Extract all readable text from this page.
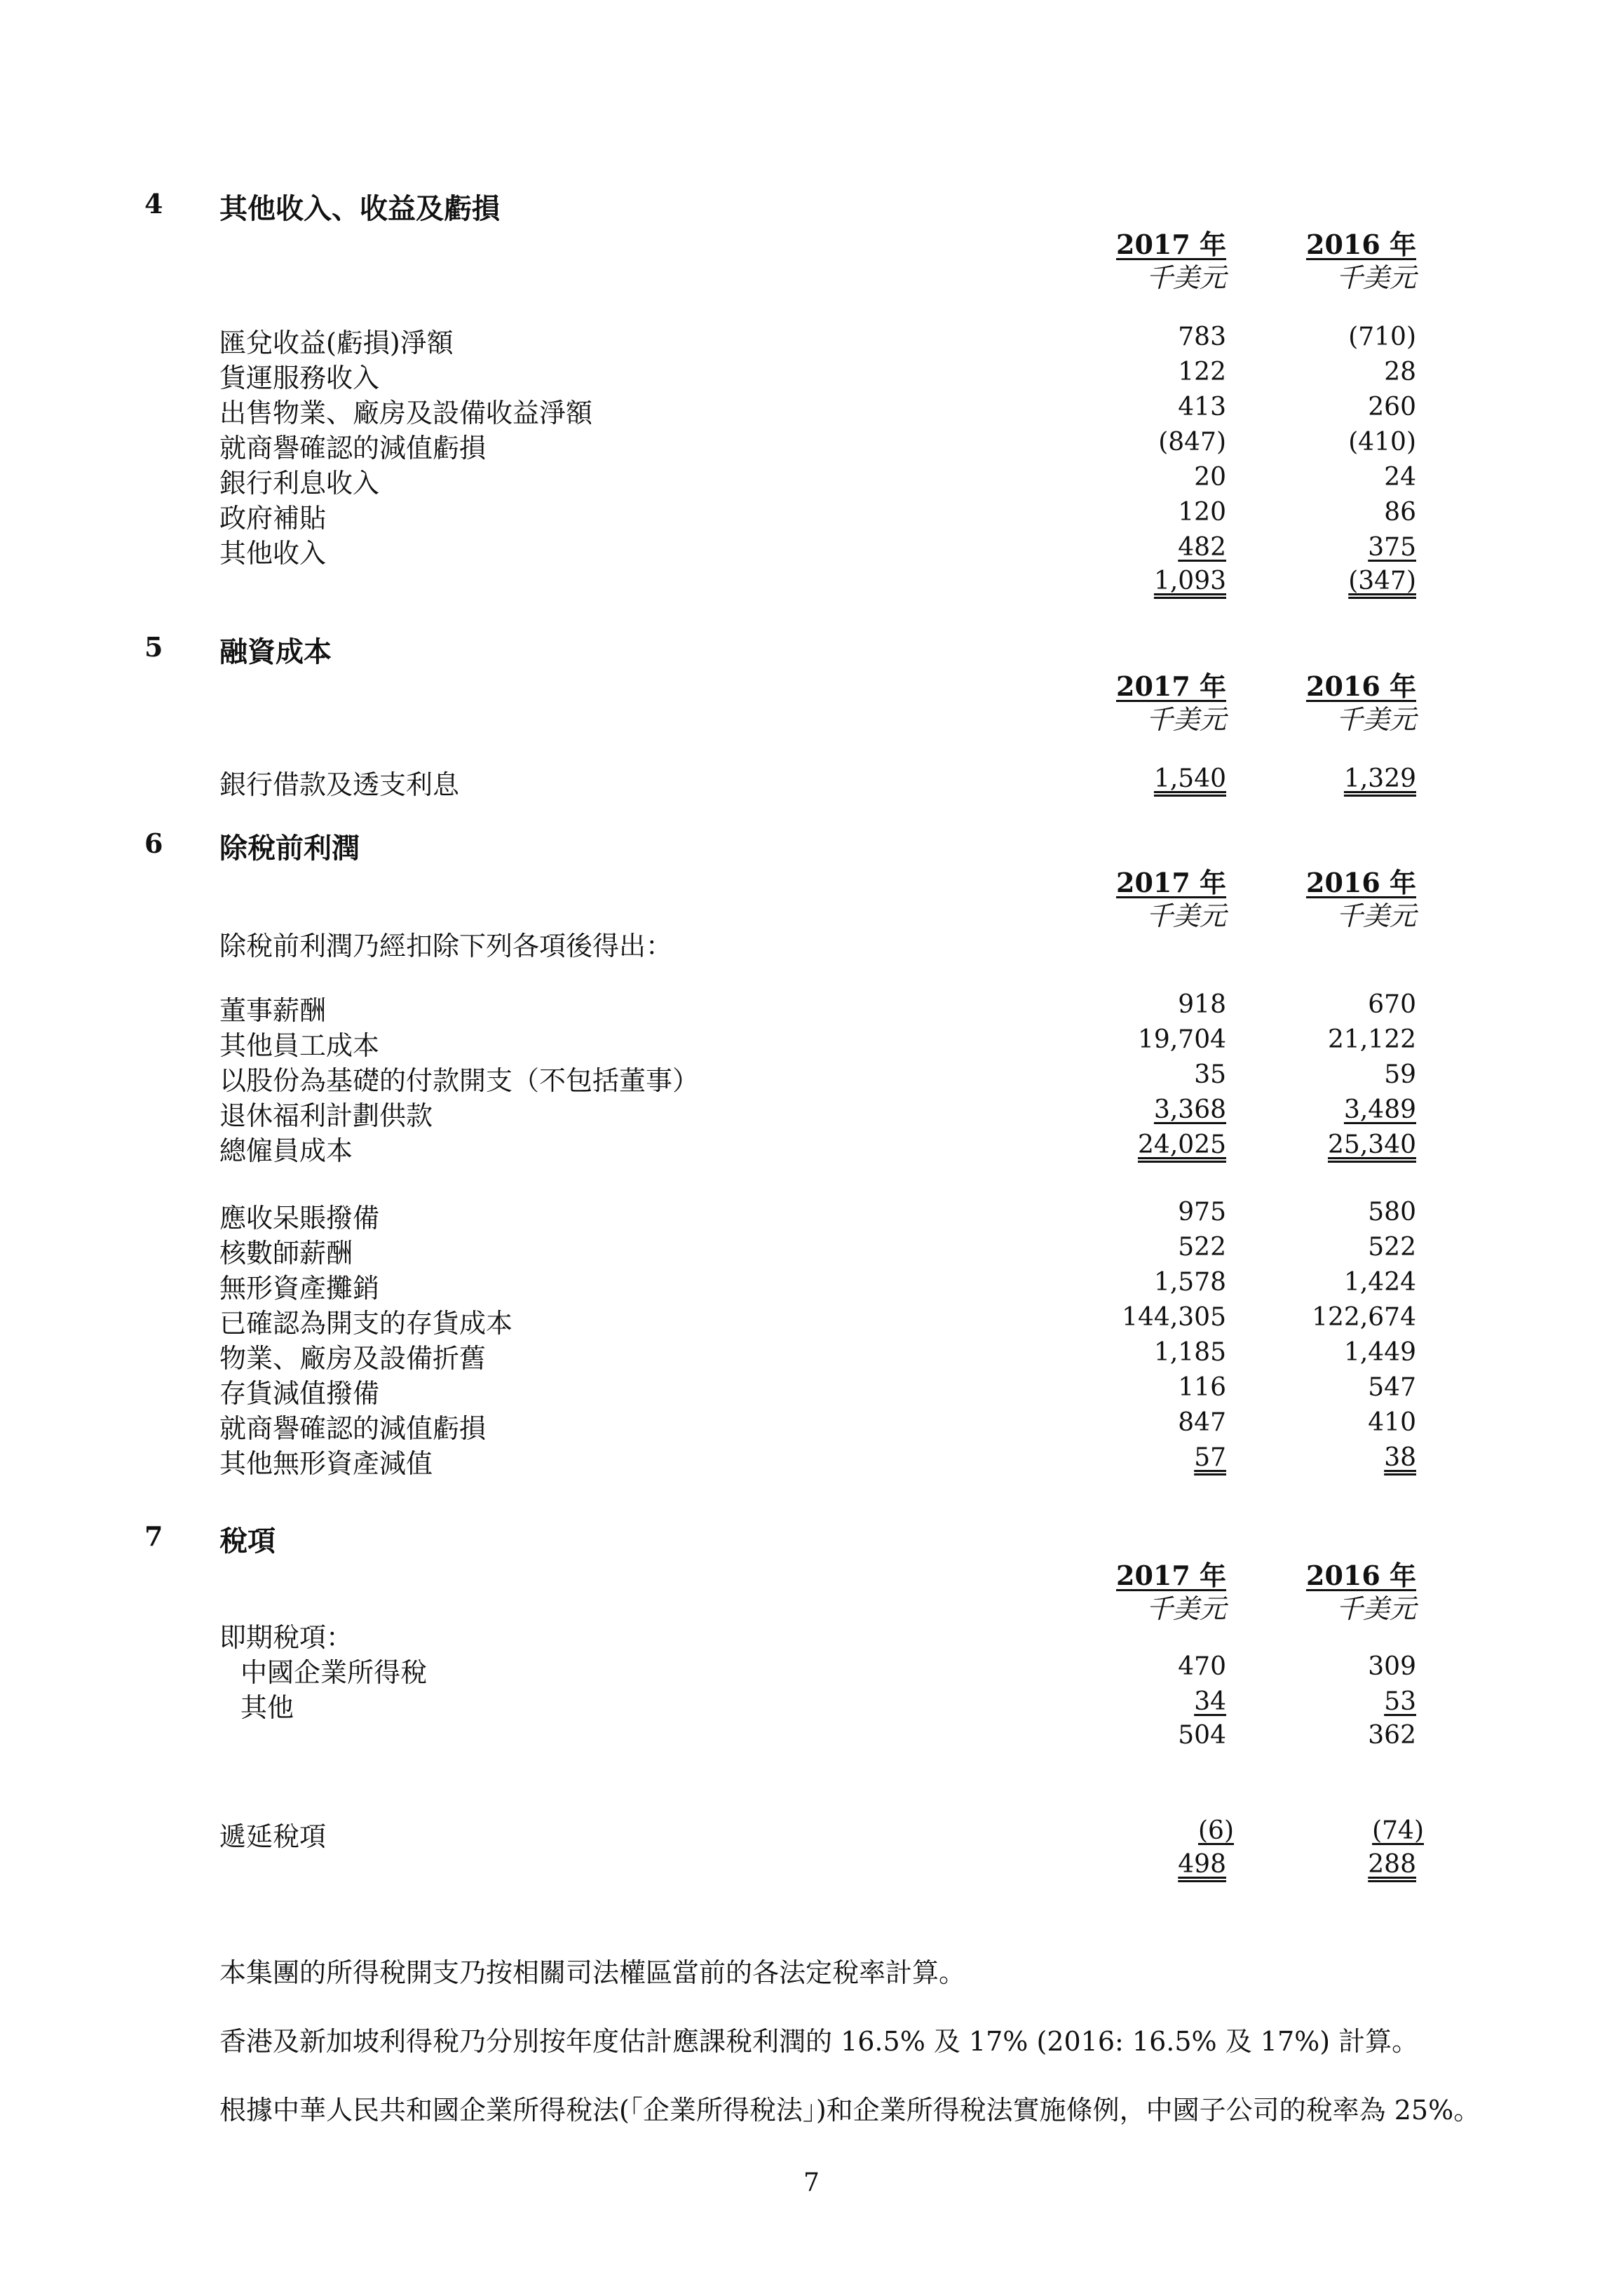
4 其他收入、收益及虧損
2017 年	2016 年
千美元	千美元
匯兌收益(虧損)淨額	783	(710)
貨運服務收入	122	28
出售物業、廠房及設備收益淨額	413	260
就商譽確認的減值虧損	(847)	(410)
銀行利息收入	20	24
政府補貼	120	86
其他收入	482	375
1,093	(347)
5 融資成本
2017 年	2016 年
千美元	千美元
銀行借款及透支利息	1,540	1,329
6 除稅前利潤
2017 年	2016 年
千美元	千美元
除稅前利潤乃經扣除下列各項後得出：
董事薪酬	918	670
其他員工成本	19,704	21,122
以股份為基礎的付款開支（不包括董事）	35	59
退休福利計劃供款	3,368	3,489
總僱員成本	24,025	25,340
應收呆賬撥備	975	580
核數師薪酬	522	522
無形資產攤銷	1,578	1,424
已確認為開支的存貨成本	144,305	122,674
物業、廠房及設備折舊	1,185	1,449
存貨減值撥備	116	547
就商譽確認的減值虧損	847	410
其他無形資產減值	57	38
7 稅項
2017 年	2016 年
千美元	千美元
即期稅項：
中國企業所得稅	470	309
其他	34	53
504	362
遞延稅項	(6)	(74)
498	288
本集團的所得稅開支乃按相關司法權區當前的各法定稅率計算。
香港及新加坡利得稅乃分別按年度估計應課稅利潤的 16.5% 及 17% (2016: 16.5% 及 17%) 計算。
根據中華人民共和國企業所得稅法(「企業所得稅法」)和企業所得稅法實施條例，中國子公司的稅率為 25%。
7
